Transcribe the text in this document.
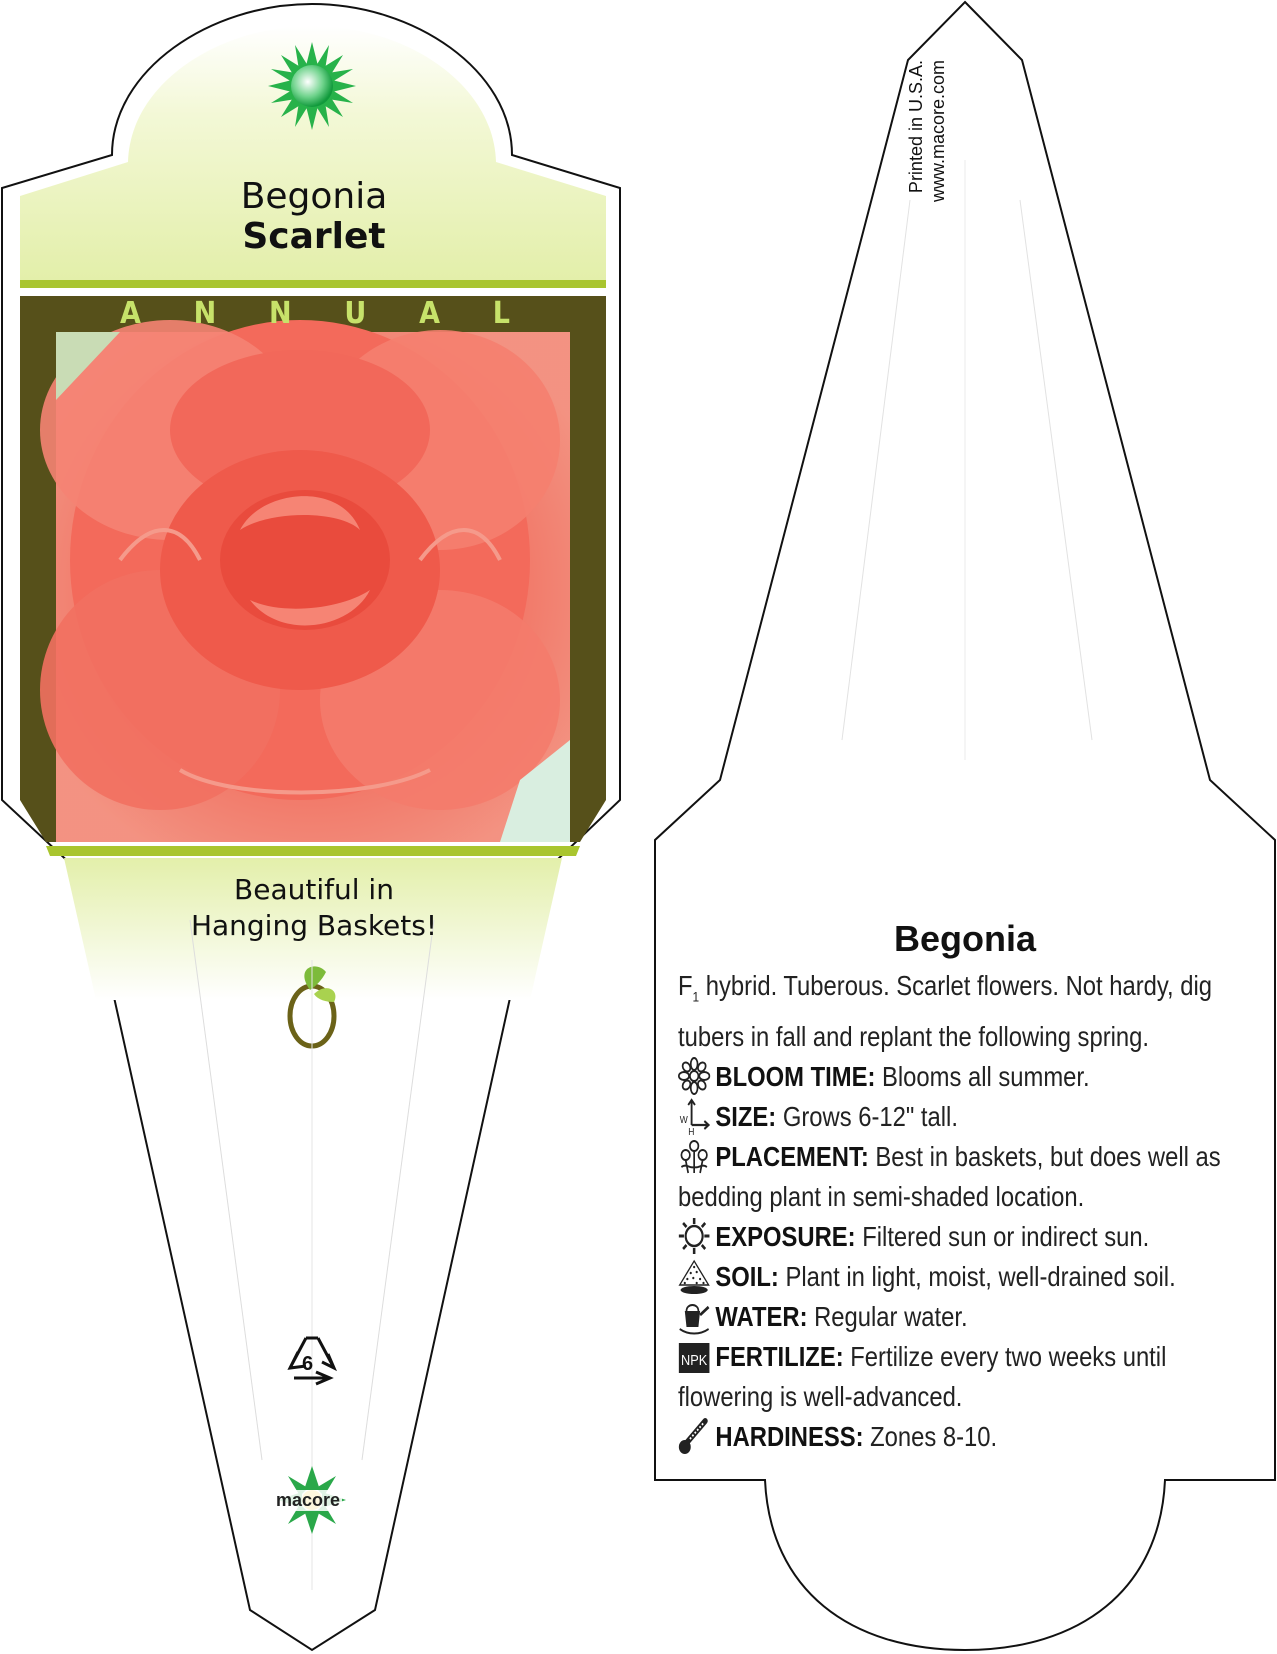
Begonia
Scarlet
A N N U A L
Beautiful in
Hanging Baskets!
6
macore
Printed in U.S.A. www.macore.com
Begonia
$F_1$ hybrid. Tuberous. Scarlet flowers. Not hardy, dig
tubers in fall and replant the following spring.
BLOOM TIME: Blooms all summer.
W
H SIZE: Grows 6-12" tall.
PLACEMENT: Best in baskets, but does well as
bedding plant in semi-shaded location.
EXPOSURE: Filtered sun or indirect sun.
SOIL: Plant in light, moist, well-drained soil.
WATER: Regular water.
NPK FERTILIZE: Fertilize every two weeks until
flowering is well-advanced.
HARDINESS: Zones 8-10.
